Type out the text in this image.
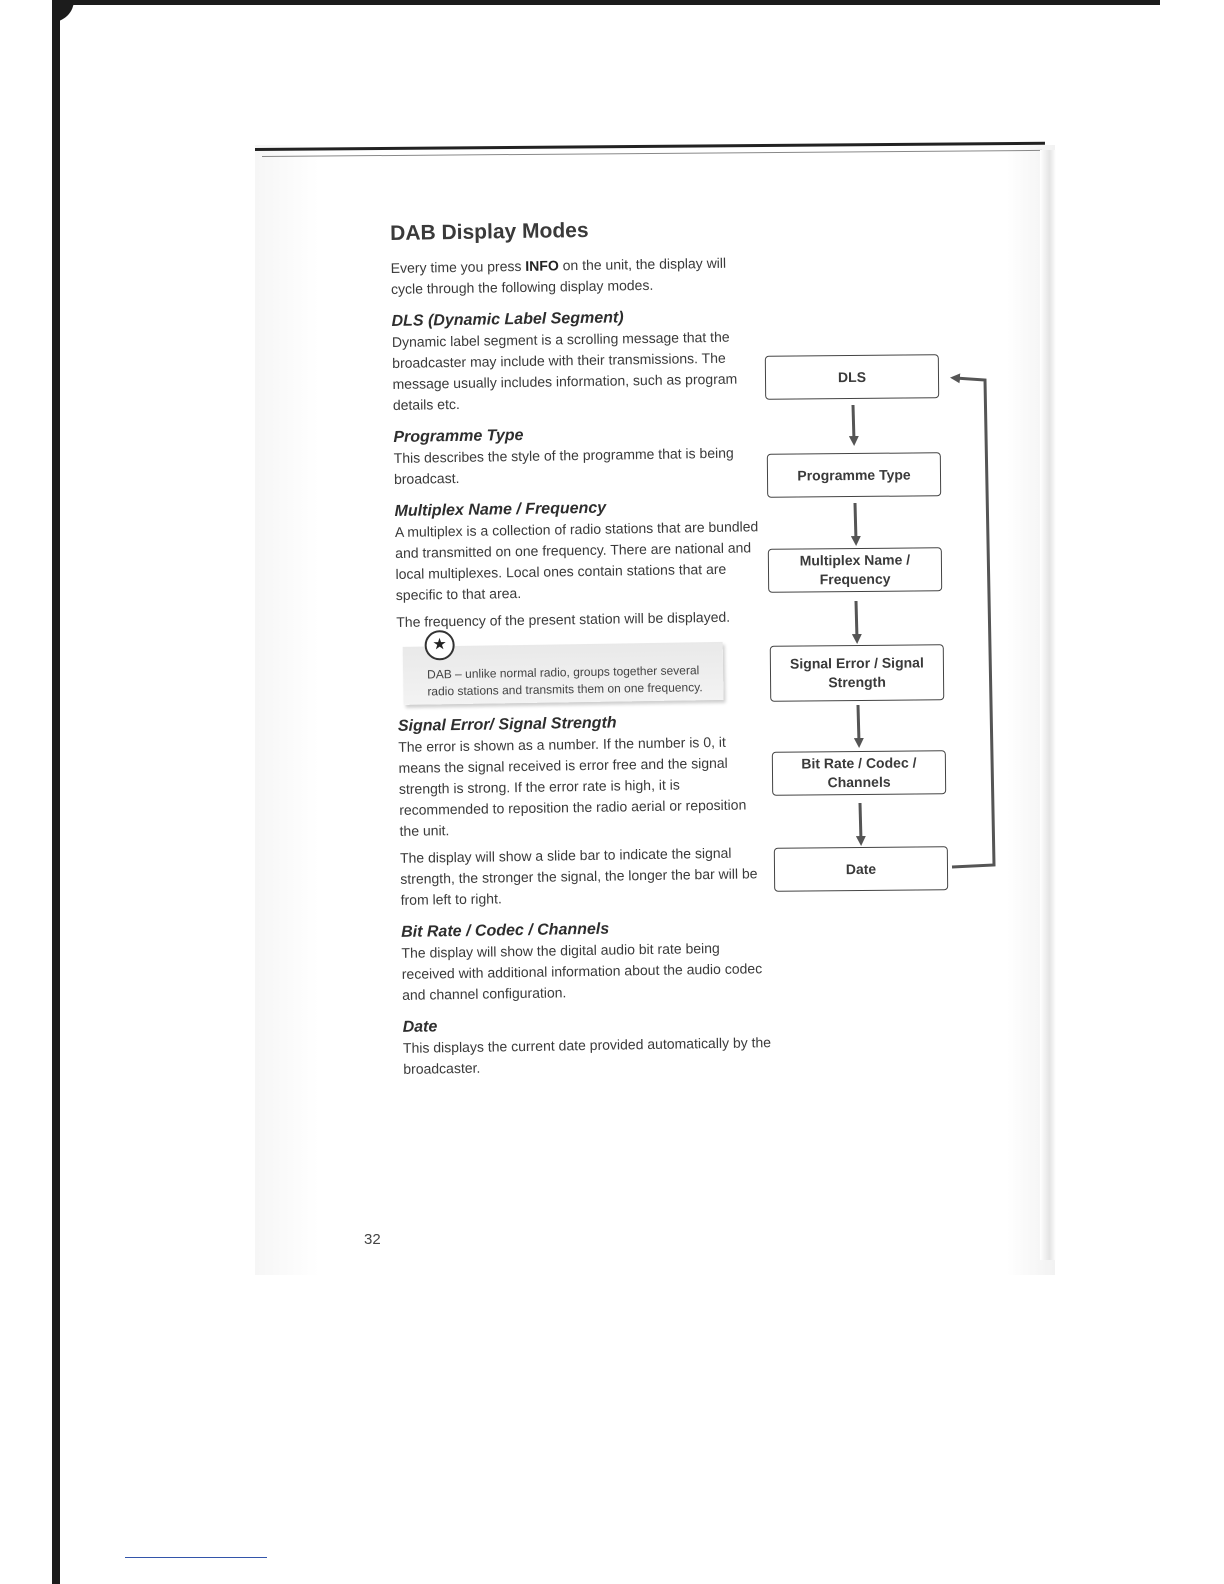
DAB Display Modes

Every time you press INFO on the unit, the display will cycle through the following display modes.

DLS (Dynamic Label Segment)

Dynamic label segment is a scrolling message that the broadcaster may include with their transmissions. The message usually includes information, such as program details etc.

Programme Type

This describes the style of the programme that is being broadcast.

Multiplex Name / Frequency

A multiplex is a collection of radio stations that are bundled and transmitted on one frequency. There are national and local multiplexes. Local ones contain stations that are specific to that area.

The frequency of the present station will be displayed.

★
DAB – unlike normal radio, groups together several
radio stations and transmits them on one frequency.
Signal Error/ Signal Strength

The error is shown as a number. If the number is 0, it means the signal received is error free and the signal strength is strong. If the error rate is high, it is recommended to reposition the radio aerial or reposition the unit.

The display will show a slide bar to indicate the signal strength, the stronger the signal, the longer the bar will be from left to right.

Bit Rate / Codec / Channels

The display will show the digital audio bit rate being received with additional information about the audio codec and channel configuration.

Date

This displays the current date provided automatically by the broadcaster.

DLS
Programme Type
Multiplex Name /
Frequency
Signal Error / Signal
Strength
Bit Rate / Codec /
Channels
Date
32
